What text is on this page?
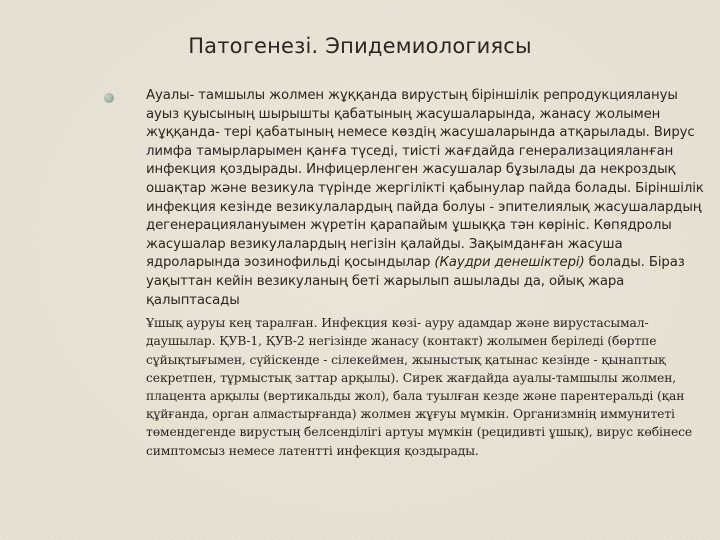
Патогенезі. Эпидемиологиясы

Ауалы- тамшылы жолмен жұққанда вирустың біріншілік репродукциялануы ауыз қуысының шырышты қабатының жасушаларында, жанасу жолымен жұққанда- тері қабатының немесе көздің жасушаларында атқарылады. Вирус лимфа тамырларымен қанға түседі, тиісті жағдайда генерализацияланған инфекция қоздырады. Инфицерленген жасушалар бұзылады да некроздық ошақтар және везикула түрінде жергілікті қабынулар пайда болады. Біріншілік инфекция кезінде везикулалардың пайда болуы - эпителиялық жасушалардың дегенерациялануымен жүретін қарапайым ұшыққа тән көрініс. Көпядролы жасушалар везикулалардың негізін қалайды. Зақымданған жасуша ядроларында эозинофильді қосындылар (Каудри денешіктері) болады. Біраз уақыттан кейін везикуланың беті жарылып ашылады да, ойық жара қалыптасады

Ұшық ауруы кең таралған. Инфекция көзі- ауру адамдар және вирустасымал- даушылар. ҚУВ-1, ҚУВ-2 негізінде жанасу (контакт) жолымен беріледі (бөртпе сұйықтығымен, сүйіскенде - сілекеймен, жыныстық қатынас кезінде - қынаптық секретпен, тұрмыстық заттар арқылы). Сирек жағдайда ауалы-тамшылы жолмен, плацента арқылы (вертикальды жол), бала туылған кезде және парентеральді (қан құйғанда, орган алмастырғанда) жолмен жұғуы мүмкін. Организмнің иммунитеті төмендегенде вирустың белсенділігі артуы мүмкін (рецидивті ұшық), вирус көбінесе симптомсыз немесе латентті инфекция қоздырады.
